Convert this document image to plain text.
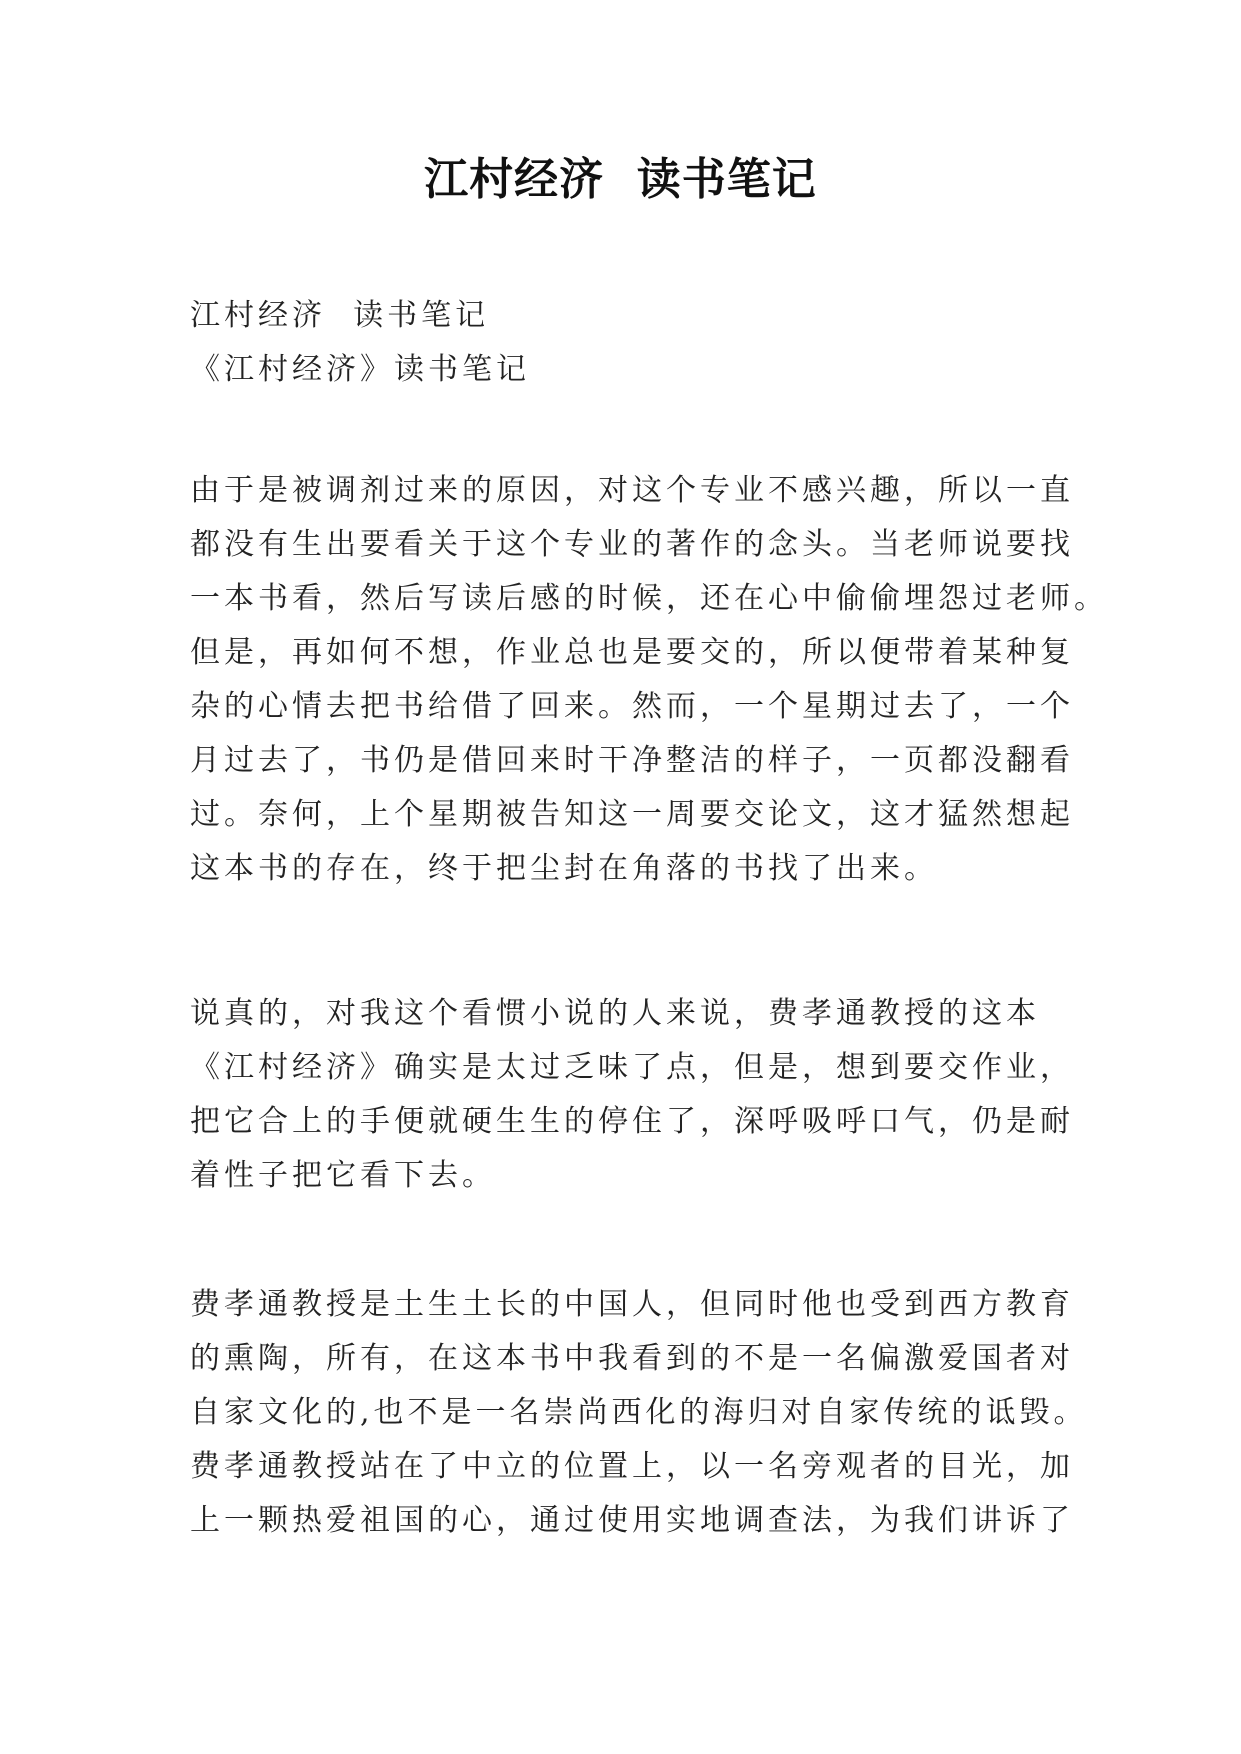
江村经济  读书笔记
江村经济  读书笔记
《江村经济》读书笔记
由于是被调剂过来的原因，对这个专业不感兴趣，所以一直
都没有生出要看关于这个专业的著作的念头。当老师说要找
一本书看，然后写读后感的时候，还在心中偷偷埋怨过老师。
但是，再如何不想，作业总也是要交的，所以便带着某种复
杂的心情去把书给借了回来。然而，一个星期过去了，一个
月过去了，书仍是借回来时干净整洁的样子，一页都没翻看
过。奈何，上个星期被告知这一周要交论文，这才猛然想起
这本书的存在，终于把尘封在角落的书找了出来。
说真的，对我这个看惯小说的人来说，费孝通教授的这本
《江村经济》确实是太过乏味了点，但是，想到要交作业，
把它合上的手便就硬生生的停住了，深呼吸呼口气，仍是耐
着性子把它看下去。
费孝通教授是土生土长的中国人，但同时他也受到西方教育
的熏陶，所有，在这本书中我看到的不是一名偏激爱国者对
自家文化的,也不是一名崇尚西化的海归对自家传统的诋毁。
费孝通教授站在了中立的位置上，以一名旁观者的目光，加
上一颗热爱祖国的心，通过使用实地调查法，为我们讲诉了
